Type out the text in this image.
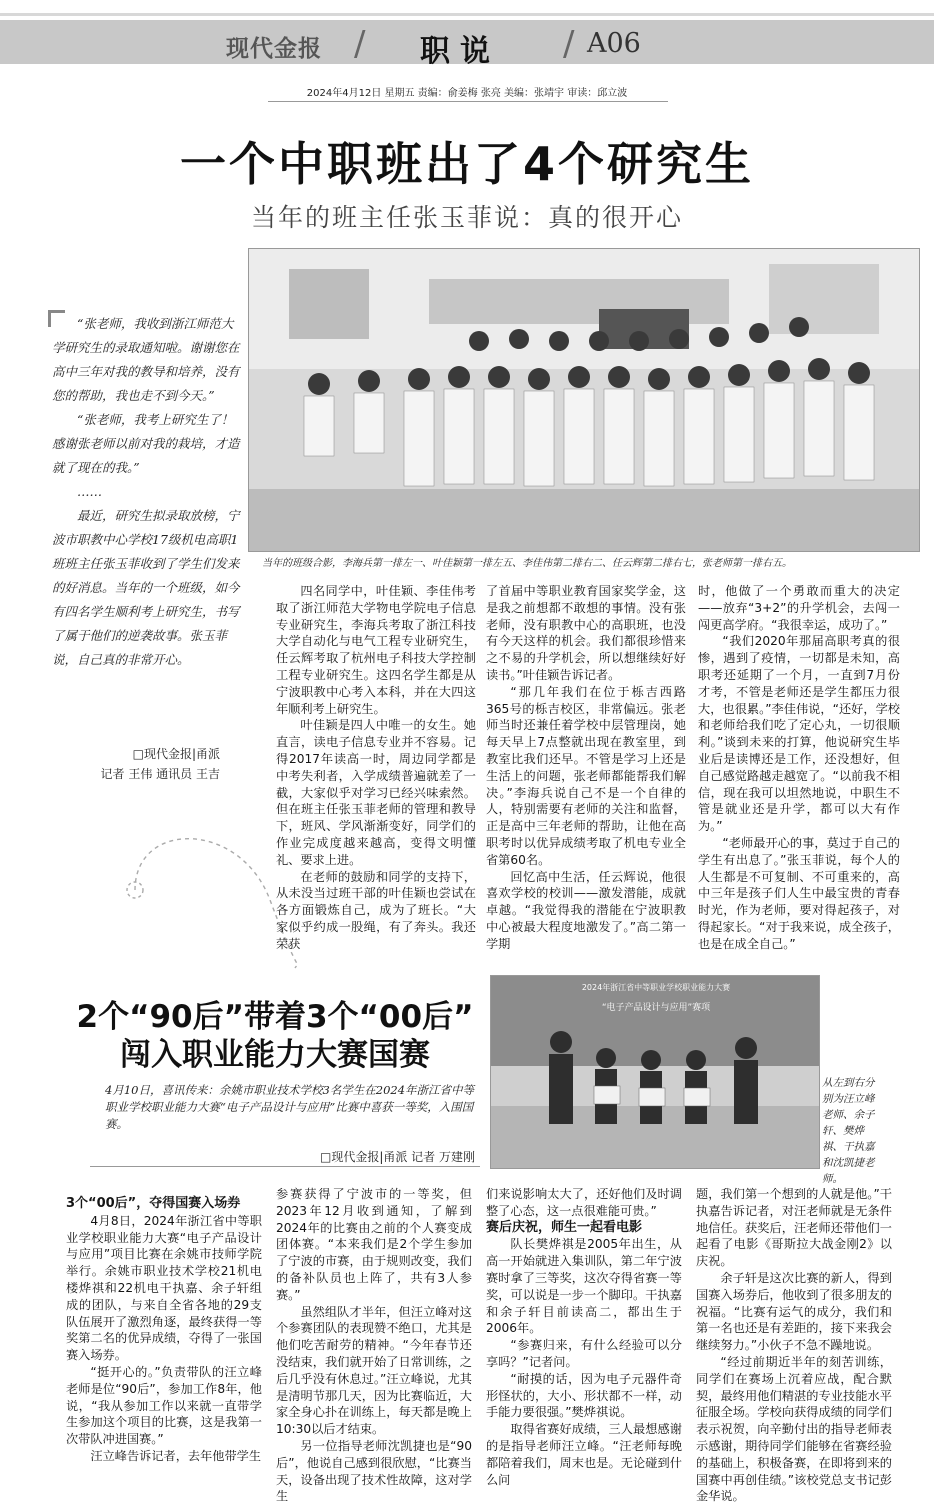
现代金报 / 职说 / A06
2024年4月12日 星期五 责编：俞姜梅 张亮 美编：张靖宇 审读：邱立波
一个中职班出了4个研究生
当年的班主任张玉菲说：真的很开心
当年的班级合影，李海兵第一排左一、叶佳颖第一排左五、李佳伟第二排右二、任云辉第二排右七，张老师第一排右五。

“张老师，我收到浙江师范大学研究生的录取通知啦。谢谢您在高中三年对我的教导和培养，没有您的帮助，我也走不到今天。”

“张老师，我考上研究生了！感谢张老师以前对我的栽培，才造就了现在的我。”

……

最近，研究生拟录取放榜，宁波市职教中心学校17级机电高职1班班主任张玉菲收到了学生们发来的好消息。当年的一个班级，如今有四名学生顺利考上研究生，书写了属于他们的逆袭故事。张玉菲说，自己真的非常开心。

□现代金报|甬派
记者 王伟 通讯员 王吉

四名同学中，叶佳颖、李佳伟考取了浙江师范大学物电学院电子信息专业研究生，李海兵考取了浙江科技大学自动化与电气工程专业研究生，任云辉考取了杭州电子科技大学控制工程专业研究生。这四名学生都是从宁波职教中心考入本科，并在大四这年顺利考上研究生。

叶佳颖是四人中唯一的女生。她直言，读电子信息专业并不容易。记得2017年读高一时，周边同学都是中考失利者，入学成绩普遍就差了一截，大家似乎对学习已经兴味索然。但在班主任张玉菲老师的管理和教导下，班风、学风渐渐变好，同学们的作业完成度越来越高，变得文明懂礼、要求上进。

在老师的鼓励和同学的支持下，从未没当过班干部的叶佳颖也尝试在各方面锻炼自己，成为了班长。“大家似乎约成一股绳，有了奔头。我还荣获

了首届中等职业教育国家奖学金，这是我之前想都不敢想的事情。没有张老师，没有职教中心的高职班，也没有今天这样的机会。我们都很珍惜来之不易的升学机会，所以想继续好好读书。”叶佳颖告诉记者。

“那几年我们在位于栎吉西路365号的栎吉校区，非常偏远。张老师当时还兼任着学校中层管理岗，她每天早上7点整就出现在教室里，到教室比我们还早。不管是学习上还是生活上的问题，张老师都能帮我们解决。”李海兵说自己不是一个自律的人，特别需要有老师的关注和监督，正是高中三年老师的帮助，让他在高职考时以优异成绩考取了机电专业全省第60名。

回忆高中生活，任云辉说，他很喜欢学校的校训——激发潜能，成就卓越。“我觉得我的潜能在宁波职教中心被最大程度地激发了。”高二第一学期

时，他做了一个勇敢而重大的决定——放弃“3+2”的升学机会，去闯一闯更高学府。“我很幸运，成功了。”

“我们2020年那届高职考真的很惨，遇到了疫情，一切都是未知，高职考还延期了一个月，一直到7月份才考，不管是老师还是学生都压力很大，也很累。”李佳伟说，“还好，学校和老师给我们吃了定心丸，一切很顺利。”谈到未来的打算，他说研究生毕业后是读博还是工作，还没想好，但自己感觉路越走越宽了。“以前我不相信，现在我可以坦然地说，中职生不管是就业还是升学，都可以大有作为。”

“老师最开心的事，莫过于自己的学生有出息了。”张玉菲说，每个人的人生都是不可复制、不可重来的，高中三年是孩子们人生中最宝贵的青春时光，作为老师，要对得起孩子，对得起家长。“对于我来说，成全孩子，也是在成全自己。”

2个“90后”带着3个“00后”
闯入职业能力大赛国赛
4月10日，喜讯传来：余姚市职业技术学校3名学生在2024年浙江省中等职业学校职业能力大赛“电子产品设计与应用”比赛中喜获一等奖，入围国赛。
□现代金报|甬派 记者 万建刚
2024年浙江省中等职业学校职业能力大赛
“电子产品设计与应用”赛项
从左到右分别为汪立峰老师、余子轩、樊烨祺、干执嘉和沈凯捷老师。

3个“00后”，夺得国赛入场券

4月8日，2024年浙江省中等职业学校职业能力大赛“电子产品设计与应用”项目比赛在余姚市技师学院举行。余姚市职业技术学校21机电楼烨祺和22机电干执嘉、余子轩组成的团队，与来自全省各地的29支队伍展开了激烈角逐，最终获得一等奖第二名的优异成绩，夺得了一张国赛入场券。

“挺开心的。”负责带队的汪立峰老师是位“90后”，参加工作8年，他说，“我从参加工作以来就一直带学生参加这个项目的比赛，这是我第一次带队冲进国赛。”

汪立峰告诉记者，去年他带学生

参赛获得了宁波市的一等奖，但2023年12月收到通知，了解到2024年的比赛由之前的个人赛变成团体赛。“本来我们是2个学生参加了宁波的市赛，由于规则改变，我们的备补队员也上阵了，共有3人参赛。”

虽然组队才半年，但汪立峰对这个参赛团队的表现赞不绝口，尤其是他们吃苦耐劳的精神。“今年春节还没结束，我们就开始了日常训练，之后几乎没有休息过。”汪立峰说，尤其是清明节那几天，因为比赛临近，大家全身心扑在训练上，每天都是晚上10:30以后才结束。

另一位指导老师沈凯捷也是“90后”，他说自己感到很欣慰，“比赛当天，设备出现了技术性故障，这对学生

们来说影响太大了，还好他们及时调整了心态，这一点很难能可贵。”

赛后庆祝，师生一起看电影

队长樊烨祺是2005年出生，从高一开始就进入集训队，第二年宁波赛时拿了三等奖，这次夺得省赛一等奖，可以说是一步一个脚印。干执嘉和余子轩目前读高二，都出生于2006年。

“参赛归来，有什么经验可以分享吗？”记者问。

“耐摸的话，因为电子元器件奇形怪状的，大小、形状都不一样，动手能力要很强。”樊烨祺说。

取得省赛好成绩，三人最想感谢的是指导老师汪立峰。“汪老师每晚都陪着我们，周末也是。无论碰到什么问

题，我们第一个想到的人就是他。”干执嘉告诉记者，对汪老师就是无条件地信任。获奖后，汪老师还带他们一起看了电影《哥斯拉大战金刚2》以庆祝。

余子轩是这次比赛的新人，得到国赛入场券后，他收到了很多朋友的祝福。“比赛有运气的成分，我们和第一名也还是有差距的，接下来我会继续努力。”小伙子不急不躁地说。

“经过前期近半年的刻苦训练，同学们在赛场上沉着应战，配合默契，最终用他们精湛的专业技能水平征服全场。学校向获得成绩的同学们表示祝贺，向辛勤付出的指导老师表示感谢，期待同学们能够在省赛经验的基础上，积极备赛，在即将到来的国赛中再创佳绩。”该校党总支书记彭金华说。
